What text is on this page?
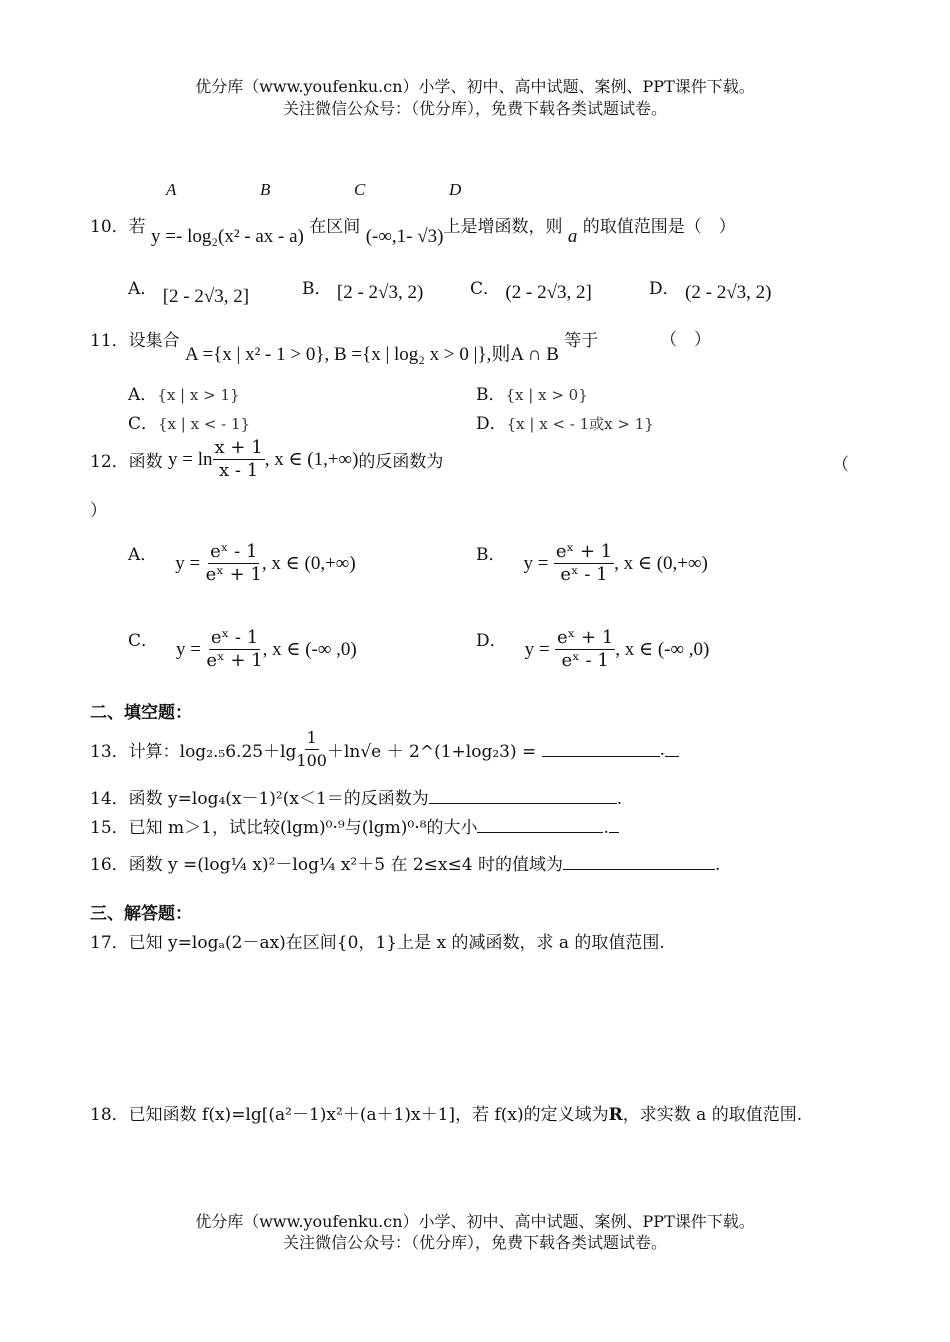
优分库（www.youfenku.cn）小学、初中、高中试题、案例、PPT课件下载。
关注微信公众号：（优分库），免费下载各类试题试卷。
A	B	C	D
10．若 y =- log₂(x² - ax - a) 在区间 (-∞,1- √3)上是增函数，则 a 的取值范围是（　）
A． [2 - 2√3, 2]	B． [2 - 2√3, 2)	C． (2 - 2√3, 2]	D． (2 - 2√3, 2)
11．设集合 A ={x | x² - 1 > 0}, B ={x | log₂ x > 0 |},则A ∩ B 等于	（　）
A．{x | x > 1}	B．{x | x > 0}
C．{x | x < - 1}	D．{x | x < - 1或x > 1}
12． 函数
$y = \ln \frac{x + 1}{x - 1}$ , x ∈ (1,+∞) 的反函数为	（
）
A． y =
$\frac{\text{eˣ - 1}}{\text{eˣ + 1}}$ , x ∈ (0,+∞)	B． y =
$\frac{\text{eˣ + 1}}{\text{eˣ - 1}}$ , x ∈ (0,+∞)
C． y =
$\frac{\text{eˣ - 1}}{\text{eˣ + 1}}$ , x ∈ (-∞ ,0)	D． y =
$\frac{\text{eˣ + 1}}{\text{eˣ - 1}}$ , x ∈ (-∞ ,0)
二、填空题：
13． 计算：$\log_2._56.25+\lg \frac{1}{100} +\ln√e$ ＋ 2^(1+log₂3) =
	.
14．函数 y=log₄(x－1)²(x＜1＝的反函数为	.
15．已知 m＞1，试比较(lgm)⁰·⁹与(lgm)⁰·⁸的大小	.
16．函数 y =(log¼ x)²－log¼ x²＋5 在 2≤x≤4 时的值域为	.
三、解答题：
17．已知 y=logₐ(2－ax)在区间{0，1}上是 x 的减函数，求 a 的取值范围.
18．已知函数 f(x)=lg[(a²－1)x²＋(a＋1)x＋1]，若 f(x)的定义域为R，求实数 a 的取值范围.
优分库（www.youfenku.cn）小学、初中、高中试题、案例、PPT课件下载。
关注微信公众号：（优分库），免费下载各类试题试卷。
